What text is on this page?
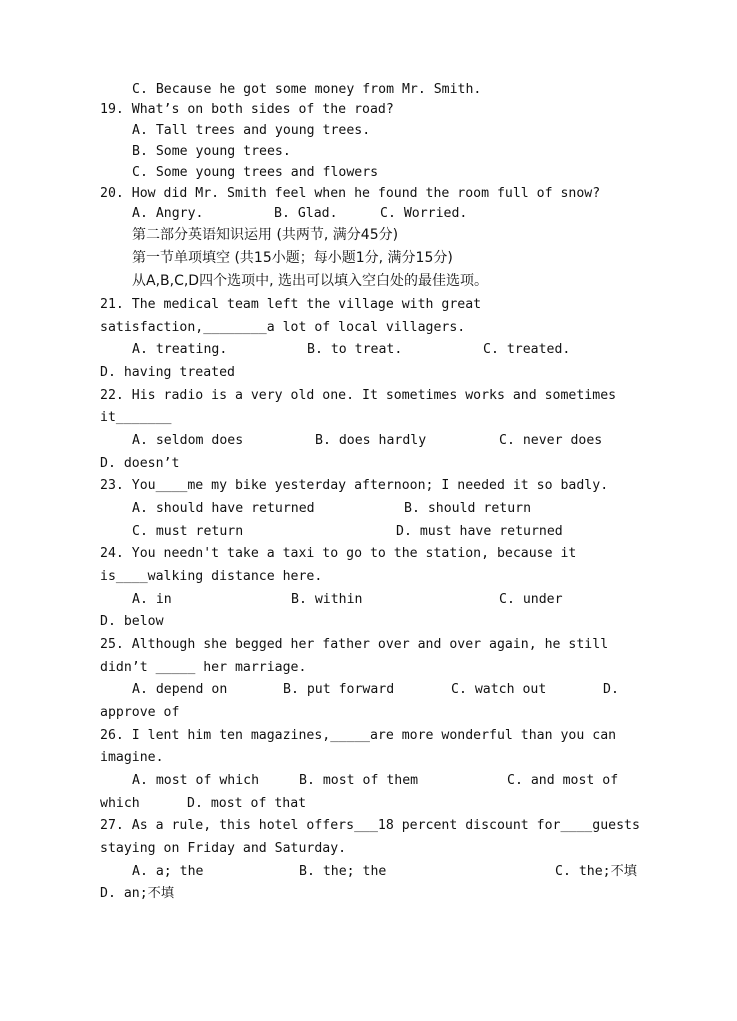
C. Because he got some money from Mr. Smith.
19. What’s on both sides of the road?
A. Tall trees and young trees.
B. Some young trees.
C. Some young trees and flowers
20. How did Mr. Smith feel when he found the room full of snow?
A. Angry.	B. Glad.	C. Worried.
第二部分英语知识运用 (共两节, 满分45分)
第一节单项填空 (共15小题；每小题1分, 满分15分)
从A,B,C,D四个选项中, 选出可以填入空白处的最佳选项。
21. The medical team left the village with great
satisfaction,________a lot of local villagers.
A. treating.	B. to treat.	C. treated.
D. having treated
22. His radio is a very old one. It sometimes works and sometimes
it_______
A. seldom does	B. does hardly	C. never does
D. doesn’t
23. You____me my bike yesterday afternoon; I needed it so badly.
A. should have returned	B. should return
C. must return	D. must have returned
24. You needn't take a taxi to go to the station, because it
is____walking distance here.
A. in	B. within	C. under
D. below
25. Although she begged her father over and over again, he still
didn’t _____ her marriage.
A. depend on	B. put forward	C. watch out	D.
approve of
26. I lent him ten magazines,_____are more wonderful than you can
imagine.
A. most of which	B. most of them	C. and most of
which	D. most of that
27. As a rule, this hotel offers___18 percent discount for____guests
staying on Friday and Saturday.
A. a; the	B. the; the	C. the;不填
D. an;不填
